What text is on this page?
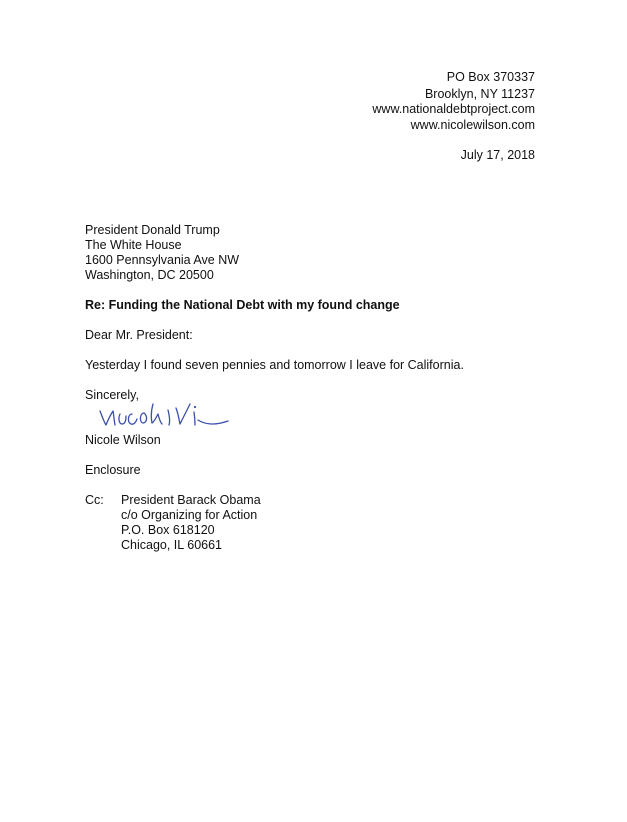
PO Box 370337
Brooklyn, NY 11237
www.nationaldebtproject.com
www.nicolewilson.com
July 17, 2018
President Donald Trump
The White House
1600 Pennsylvania Ave NW
Washington, DC 20500
Re: Funding the National Debt with my found change
Dear Mr. President:
Yesterday I found seven pennies and tomorrow I leave for California.
Sincerely,
Nicole Wilson
Enclosure
Cc: President Barack Obama
c/o Organizing for Action
P.O. Box 618120
Chicago, IL 60661
